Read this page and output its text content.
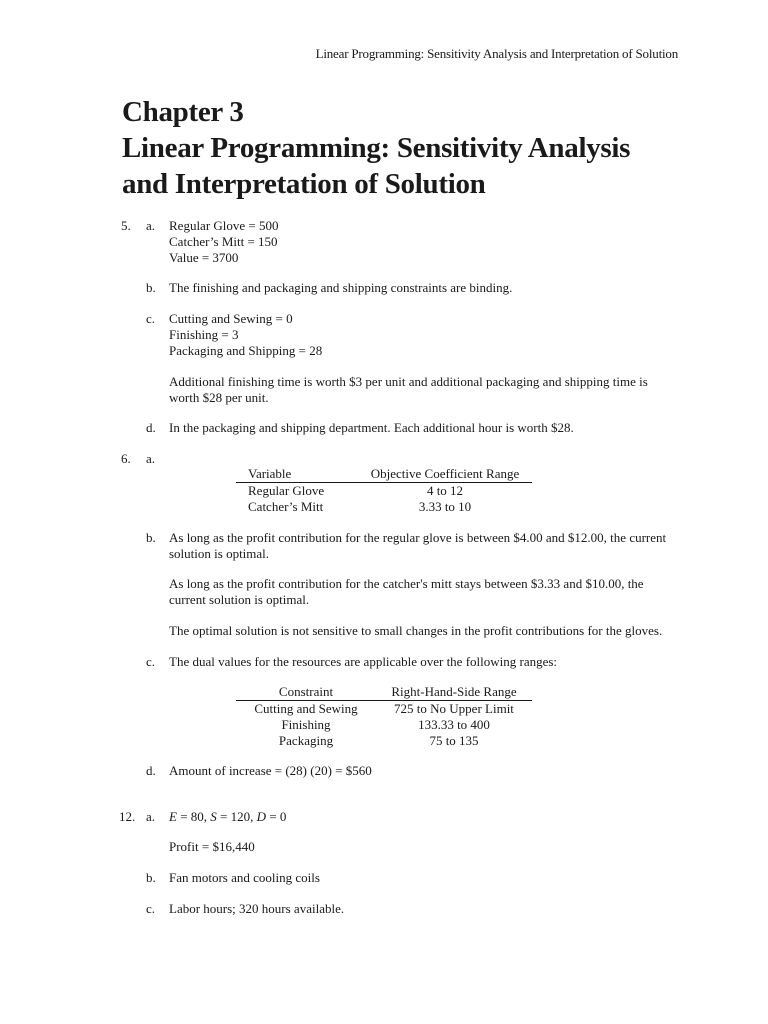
Linear Programming: Sensitivity Analysis and Interpretation of Solution
Chapter 3
Linear Programming: Sensitivity Analysis
and Interpretation of Solution
5. a. Regular Glove = 500
Catcher’s Mitt = 150
Value = 3700
b. The finishing and packaging and shipping constraints are binding.

c. Cutting and Sewing = 0
Finishing = 3
Packaging and Shipping = 28

Additional finishing time is worth $3 per unit and additional packaging and shipping time is worth $28 per unit.

d. In the packaging and shipping department. Each additional hour is worth $28.

6. a.
Variable	Objective Coefficient Range
Regular Glove	4 to 12
Catcher’s Mitt	3.33 to 10
b. As long as the profit contribution for the regular glove is between $4.00 and $12.00, the current solution is optimal.

As long as the profit contribution for the catcher's mitt stays between $3.33 and $10.00, the current solution is optimal.

The optimal solution is not sensitive to small changes in the profit contributions for the gloves.

c. The dual values for the resources are applicable over the following ranges:

Constraint	Right-Hand-Side Range
Cutting and Sewing	725 to No Upper Limit
Finishing	133.33 to 400
Packaging	75 to 135
d. Amount of increase = (28) (20) = $560

12. a. E = 80, S = 120, D = 0

Profit = $16,440

b. Fan motors and cooling coils

c. Labor hours; 320 hours available.
